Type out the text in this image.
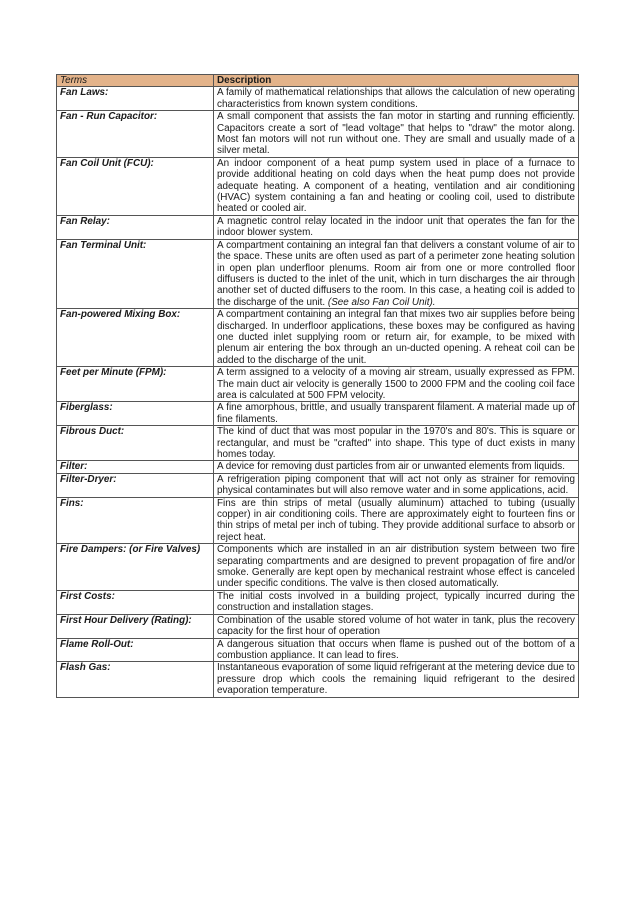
Terms	Description
Fan Laws:	A family of mathematical relationships that allows the calculation of new operating characteristics from known system conditions.
Fan - Run Capacitor:	A small component that assists the fan motor in starting and running efficiently. Capacitors create a sort of "lead voltage" that helps to "draw" the motor along. Most fan motors will not run without one. They are small and usually made of a silver metal.
Fan Coil Unit (FCU):	An indoor component of a heat pump system used in place of a furnace to provide additional heating on cold days when the heat pump does not provide adequate heating. A component of a heating, ventilation and air conditioning (HVAC) system containing a fan and heating or cooling coil, used to distribute heated or cooled air.
Fan Relay:	A magnetic control relay located in the indoor unit that operates the fan for the indoor blower system.
Fan Terminal Unit:	A compartment containing an integral fan that delivers a constant volume of air to the space. These units are often used as part of a perimeter zone heating solution in open plan underfloor plenums. Room air from one or more controlled floor diffusers is ducted to the inlet of the unit, which in turn discharges the air through another set of ducted diffusers to the room. In this case, a heating coil is added to the discharge of the unit. (See also Fan Coil Unit).
Fan-powered Mixing Box:	A compartment containing an integral fan that mixes two air supplies before being discharged. In underfloor applications, these boxes may be configured as having one ducted inlet supplying room or return air, for example, to be mixed with plenum air entering the box through an un-ducted opening. A reheat coil can be added to the discharge of the unit.
Feet per Minute (FPM):	A term assigned to a velocity of a moving air stream, usually expressed as FPM. The main duct air velocity is generally 1500 to 2000 FPM and the cooling coil face area is calculated at 500 FPM velocity.
Fiberglass:	A fine amorphous, brittle, and usually transparent filament. A material made up of fine filaments.
Fibrous Duct:	The kind of duct that was most popular in the 1970's and 80's. This is square or rectangular, and must be "crafted" into shape. This type of duct exists in many homes today.
Filter:	A device for removing dust particles from air or unwanted elements from liquids.
Filter-Dryer:	A refrigeration piping component that will act not only as strainer for removing physical contaminates but will also remove water and in some applications, acid.
Fins:	Fins are thin strips of metal (usually aluminum) attached to tubing (usually copper) in air conditioning coils. There are approximately eight to fourteen fins or thin strips of metal per inch of tubing. They provide additional surface to absorb or reject heat.
Fire Dampers: (or Fire Valves)	Components which are installed in an air distribution system between two fire separating compartments and are designed to prevent propagation of fire and/or smoke. Generally are kept open by mechanical restraint whose effect is canceled under specific conditions. The valve is then closed automatically.
First Costs:	The initial costs involved in a building project, typically incurred during the construction and installation stages.
First Hour Delivery (Rating):	Combination of the usable stored volume of hot water in tank, plus the recovery capacity for the first hour of operation
Flame Roll-Out:	A dangerous situation that occurs when flame is pushed out of the bottom of a combustion appliance. It can lead to fires.
Flash Gas:	Instantaneous evaporation of some liquid refrigerant at the metering device due to pressure drop which cools the remaining liquid refrigerant to the desired evaporation temperature.
